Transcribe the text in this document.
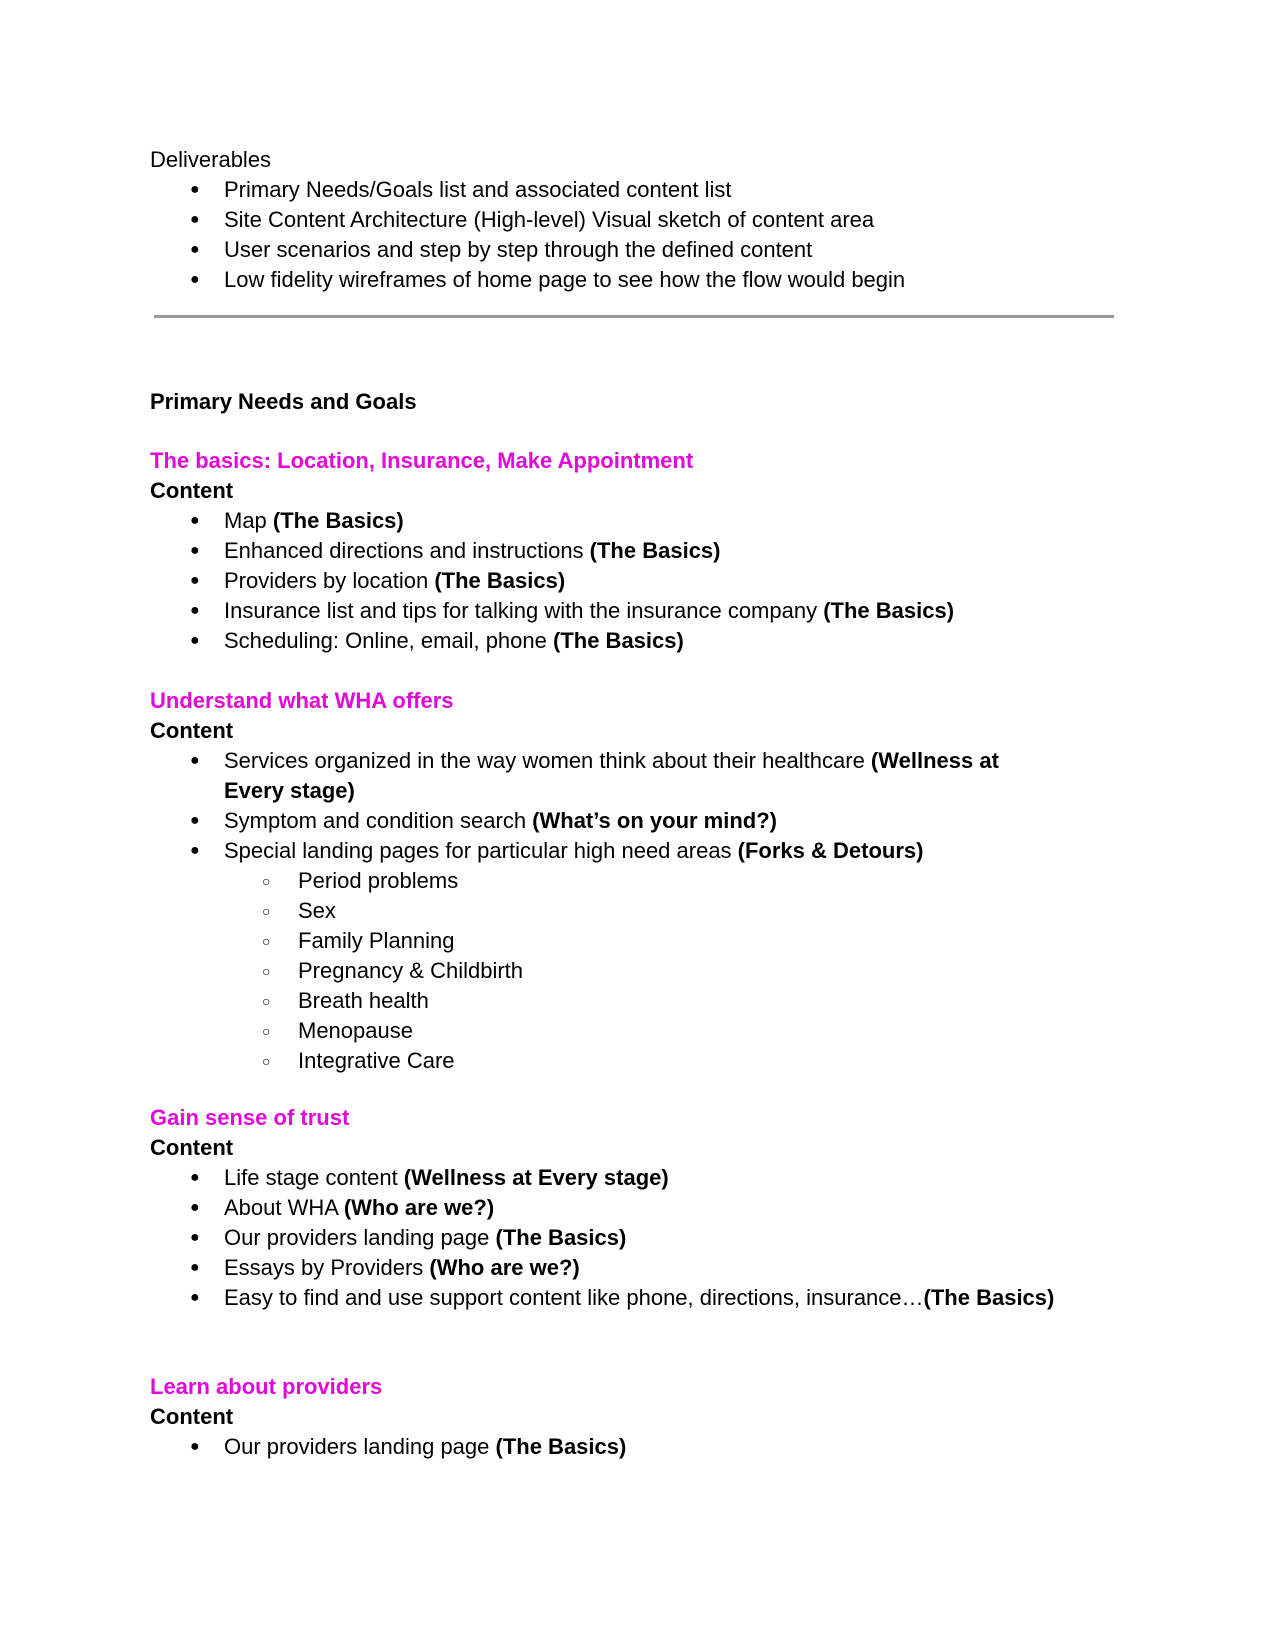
Deliverables
● Primary Needs/Goals list and associated content list
● Site Content Architecture (High-level) Visual sketch of content area
● User scenarios and step by step through the defined content
● Low fidelity wireframes of home page to see how the flow would begin
Primary Needs and Goals
The basics: Location, Insurance, Make Appointment
Content
● Map (The Basics)
● Enhanced directions and instructions (The Basics)
● Providers by location (The Basics)
● Insurance list and tips for talking with the insurance company (The Basics)
● Scheduling: Online, email, phone (The Basics)
Understand what WHA offers
Content
● Services organized in the way women think about their healthcare (Wellness at Every stage)
● Symptom and condition search (What’s on your mind?)
● Special landing pages for particular high need areas (Forks & Detours)
○ Period problems
○ Sex
○ Family Planning
○ Pregnancy & Childbirth
○ Breath health
○ Menopause
○ Integrative Care
Gain sense of trust
Content
● Life stage content (Wellness at Every stage)
● About WHA (Who are we?)
● Our providers landing page (The Basics)
● Essays by Providers (Who are we?)
● Easy to find and use support content like phone, directions, insurance…(The Basics)
Learn about providers
Content
● Our providers landing page (The Basics)
